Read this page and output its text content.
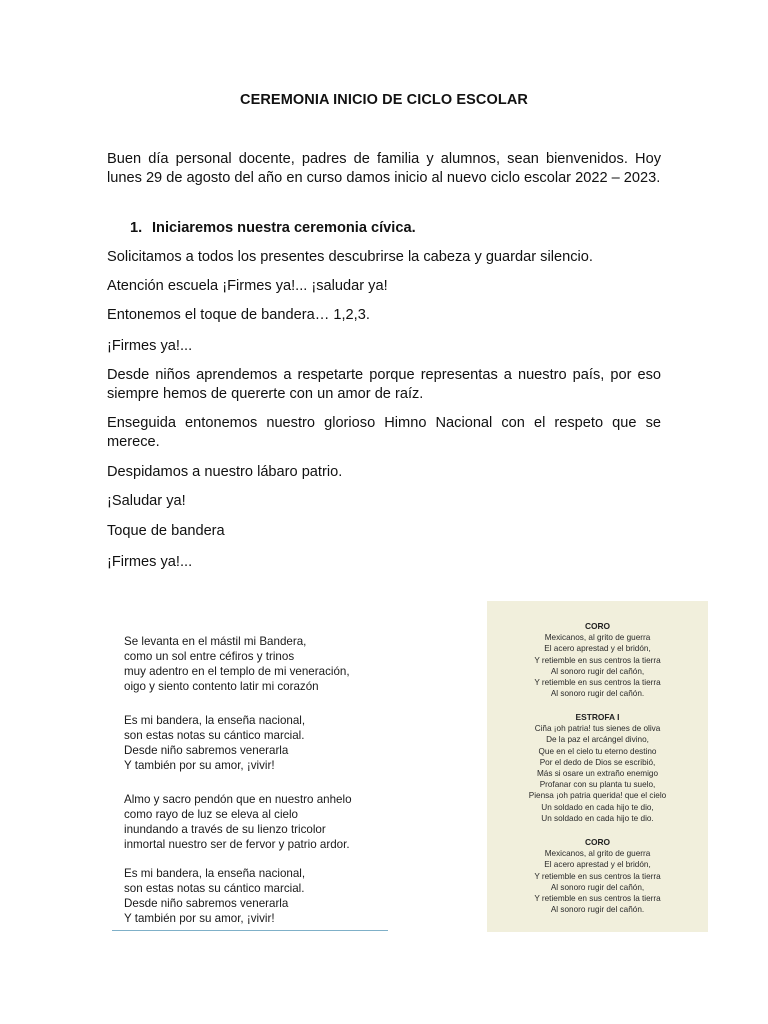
CEREMONIA INICIO DE CICLO ESCOLAR

Buen día personal docente, padres de familia y alumnos, sean bienvenidos. Hoy lunes 29 de agosto del año en curso damos inicio al nuevo ciclo escolar 2022 – 2023.

1. Iniciaremos nuestra ceremonia cívica.

Solicitamos a todos los presentes descubrirse la cabeza y guardar silencio.

Atención escuela ¡Firmes ya!... ¡saludar ya!

Entonemos el toque de bandera… 1,2,3.

¡Firmes ya!...

Desde niños aprendemos a respetarte porque representas a nuestro país, por eso siempre hemos de quererte con un amor de raíz.

Enseguida entonemos nuestro glorioso Himno Nacional con el respeto que se merece.

Despidamos a nuestro lábaro patrio.

¡Saludar ya!

Toque de bandera

¡Firmes ya!...

Se levanta en el mástil mi Bandera,
como un sol entre céfiros y trinos
muy adentro en el templo de mi veneración,
oigo y siento contento latir mi corazón
Es mi bandera, la enseña nacional,
son estas notas su cántico marcial.
Desde niño sabremos venerarla
Y también por su amor, ¡vivir!
Almo y sacro pendón que en nuestro anhelo
como rayo de luz se eleva al cielo
inundando a través de su lienzo tricolor
inmortal nuestro ser de fervor y patrio ardor.
Es mi bandera, la enseña nacional,
son estas notas su cántico marcial.
Desde niño sabremos venerarla
Y también por su amor, ¡vivir!
CORO
Mexicanos, al grito de guerra
El acero aprestad y el bridón,
Y retiemble en sus centros la tierra
Al sonoro rugir del cañón,
Y retiemble en sus centros la tierra
Al sonoro rugir del cañón.
ESTROFA I
Ciña ¡oh patria! tus sienes de oliva
De la paz el arcángel divino,
Que en el cielo tu eterno destino
Por el dedo de Dios se escribió,
Más si osare un extraño enemigo
Profanar con su planta tu suelo,
Piensa ¡oh patria querida! que el cielo
Un soldado en cada hijo te dio,
Un soldado en cada hijo te dio.
CORO
Mexicanos, al grito de guerra
El acero aprestad y el bridón,
Y retiemble en sus centros la tierra
Al sonoro rugir del cañón,
Y retiemble en sus centros la tierra
Al sonoro rugir del cañón.
